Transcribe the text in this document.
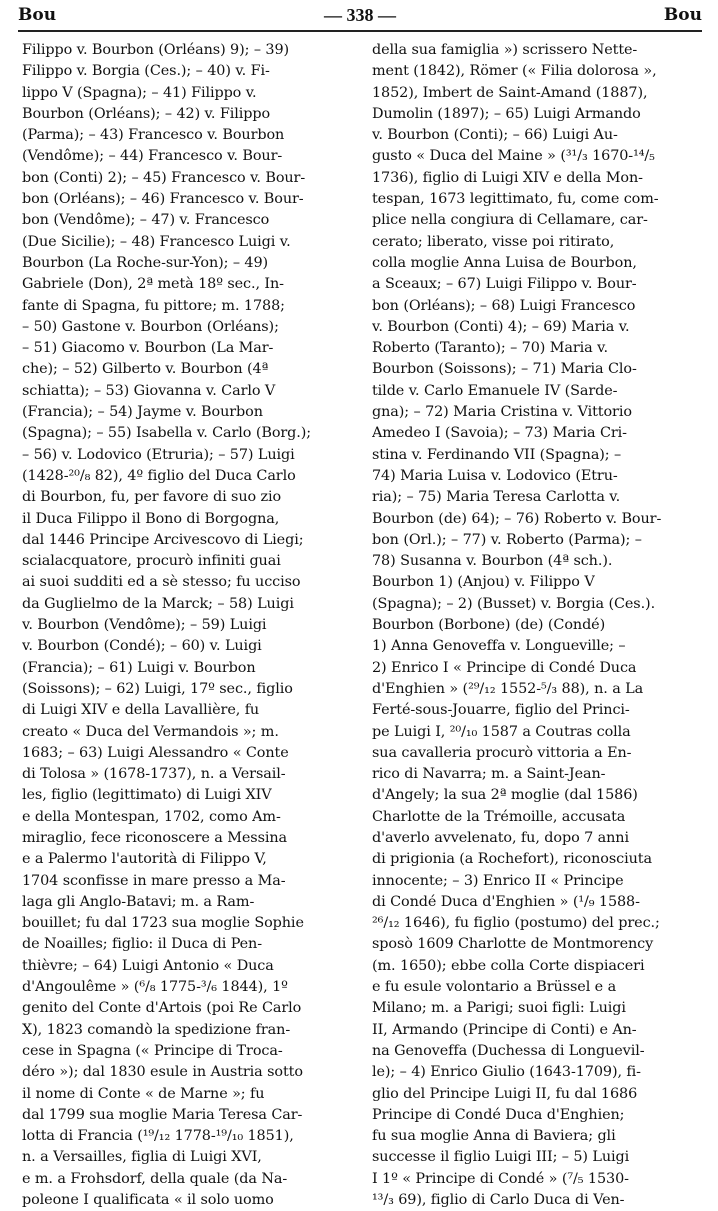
Bou	— 338 —	Bou
Filippo v. Bourbon (Orléans) 9); – 39)
Filippo v. Borgia (Ces.); – 40) v. Fi-
lippo V (Spagna); – 41) Filippo v.
Bourbon (Orléans); – 42) v. Filippo
(Parma); – 43) Francesco v. Bourbon
(Vendôme); – 44) Francesco v. Bour-
bon (Conti) 2); – 45) Francesco v. Bour-
bon (Orléans); – 46) Francesco v. Bour-
bon (Vendôme); – 47) v. Francesco
(Due Sicilie); – 48) Francesco Luigi v.
Bourbon (La Roche-sur-Yon); – 49)
Gabriele (Don), 2ª metà 18º sec., In-
fante di Spagna, fu pittore; m. 1788;
– 50) Gastone v. Bourbon (Orléans);
– 51) Giacomo v. Bourbon (La Mar-
che); – 52) Gilberto v. Bourbon (4ª
schiatta); – 53) Giovanna v. Carlo V
(Francia); – 54) Jayme v. Bourbon
(Spagna); – 55) Isabella v. Carlo (Borg.);
– 56) v. Lodovico (Etruria); – 57) Luigi
(1428-²⁰/₈ 82), 4º figlio del Duca Carlo
di Bourbon, fu, per favore di suo zio
il Duca Filippo il Bono di Borgogna,
dal 1446 Principe Arcivescovo di Liegi;
scialacquatore, procurò infiniti guai
ai suoi sudditi ed a sè stesso; fu ucciso
da Guglielmo de la Marck; – 58) Luigi
v. Bourbon (Vendôme); – 59) Luigi
v. Bourbon (Condé); – 60) v. Luigi
(Francia); – 61) Luigi v. Bourbon
(Soissons); – 62) Luigi, 17º sec., figlio
di Luigi XIV e della Lavallière, fu
creato « Duca del Vermandois »; m.
1683; – 63) Luigi Alessandro « Conte
di Tolosa » (1678-1737), n. a Versail-
les, figlio (legittimato) di Luigi XIV
e della Montespan, 1702, como Am-
miraglio, fece riconoscere a Messina
e a Palermo l'autorità di Filippo V,
1704 sconfisse in mare presso a Ma-
laga gli Anglo-Batavi; m. a Ram-
bouillet; fu dal 1723 sua moglie Sophie
de Noailles; figlio: il Duca di Pen-
thièvre; – 64) Luigi Antonio « Duca
d'Angoulême » (⁶/₈ 1775-³/₆ 1844), 1º
genito del Conte d'Artois (poi Re Carlo
X), 1823 comandò la spedizione fran-
cese in Spagna (« Principe di Troca-
déro »); dal 1830 esule in Austria sotto
il nome di Conte « de Marne »; fu
dal 1799 sua moglie Maria Teresa Car-
lotta di Francia (¹⁹/₁₂ 1778-¹⁹/₁₀ 1851),
n. a Versailles, figlia di Luigi XVI,
e m. a Frohsdorf, della quale (da Na-
poleone I qualificata « il solo uomo
della sua famiglia ») scrissero Nette-
ment (1842), Römer (« Filia dolorosa »,
1852), Imbert de Saint-Amand (1887),
Dumolin (1897); – 65) Luigi Armando
v. Bourbon (Conti); – 66) Luigi Au-
gusto « Duca del Maine » (³¹/₃ 1670-¹⁴/₅
1736), figlio di Luigi XIV e della Mon-
tespan, 1673 legittimato, fu, come com-
plice nella congiura di Cellamare, car-
cerato; liberato, visse poi ritirato,
colla moglie Anna Luisa de Bourbon,
a Sceaux; – 67) Luigi Filippo v. Bour-
bon (Orléans); – 68) Luigi Francesco
v. Bourbon (Conti) 4); – 69) Maria v.
Roberto (Taranto); – 70) Maria v.
Bourbon (Soissons); – 71) Maria Clo-
tilde v. Carlo Emanuele IV (Sarde-
gna); – 72) Maria Cristina v. Vittorio
Amedeo I (Savoia); – 73) Maria Cri-
stina v. Ferdinando VII (Spagna); –
74) Maria Luisa v. Lodovico (Etru-
ria); – 75) Maria Teresa Carlotta v.
Bourbon (de) 64); – 76) Roberto v. Bour-
bon (Orl.); – 77) v. Roberto (Parma); –
78) Susanna v. Bourbon (4ª sch.).
Bourbon 1) (Anjou) v. Filippo V
(Spagna); – 2) (Busset) v. Borgia (Ces.).
Bourbon (Borbone) (de) (Condé)
1) Anna Genoveffa v. Longueville; –
2) Enrico I « Principe di Condé Duca
d'Enghien » (²⁹/₁₂ 1552-⁵/₃ 88), n. a La
Ferté-sous-Jouarre, figlio del Princi-
pe Luigi I, ²⁰/₁₀ 1587 a Coutras colla
sua cavalleria procurò vittoria a En-
rico di Navarra; m. a Saint-Jean-
d'Angely; la sua 2ª moglie (dal 1586)
Charlotte de la Trémoille, accusata
d'averlo avvelenato, fu, dopo 7 anni
di prigionia (a Rochefort), riconosciuta
innocente; – 3) Enrico II « Principe
di Condé Duca d'Enghien » (¹/₉ 1588-
²⁶/₁₂ 1646), fu figlio (postumo) del prec.;
sposò 1609 Charlotte de Montmorency
(m. 1650); ebbe colla Corte dispiaceri
e fu esule volontario a Brüssel e a
Milano; m. a Parigi; suoi figli: Luigi
II, Armando (Principe di Conti) e An-
na Genoveffa (Duchessa di Longuevil-
le); – 4) Enrico Giulio (1643-1709), fi-
glio del Principe Luigi II, fu dal 1686
Principe di Condé Duca d'Enghien;
fu sua moglie Anna di Baviera; gli
successe il figlio Luigi III; – 5) Luigi
I 1º « Principe di Condé » (⁷/₅ 1530-
¹³/₃ 69), figlio di Carlo Duca di Ven-
